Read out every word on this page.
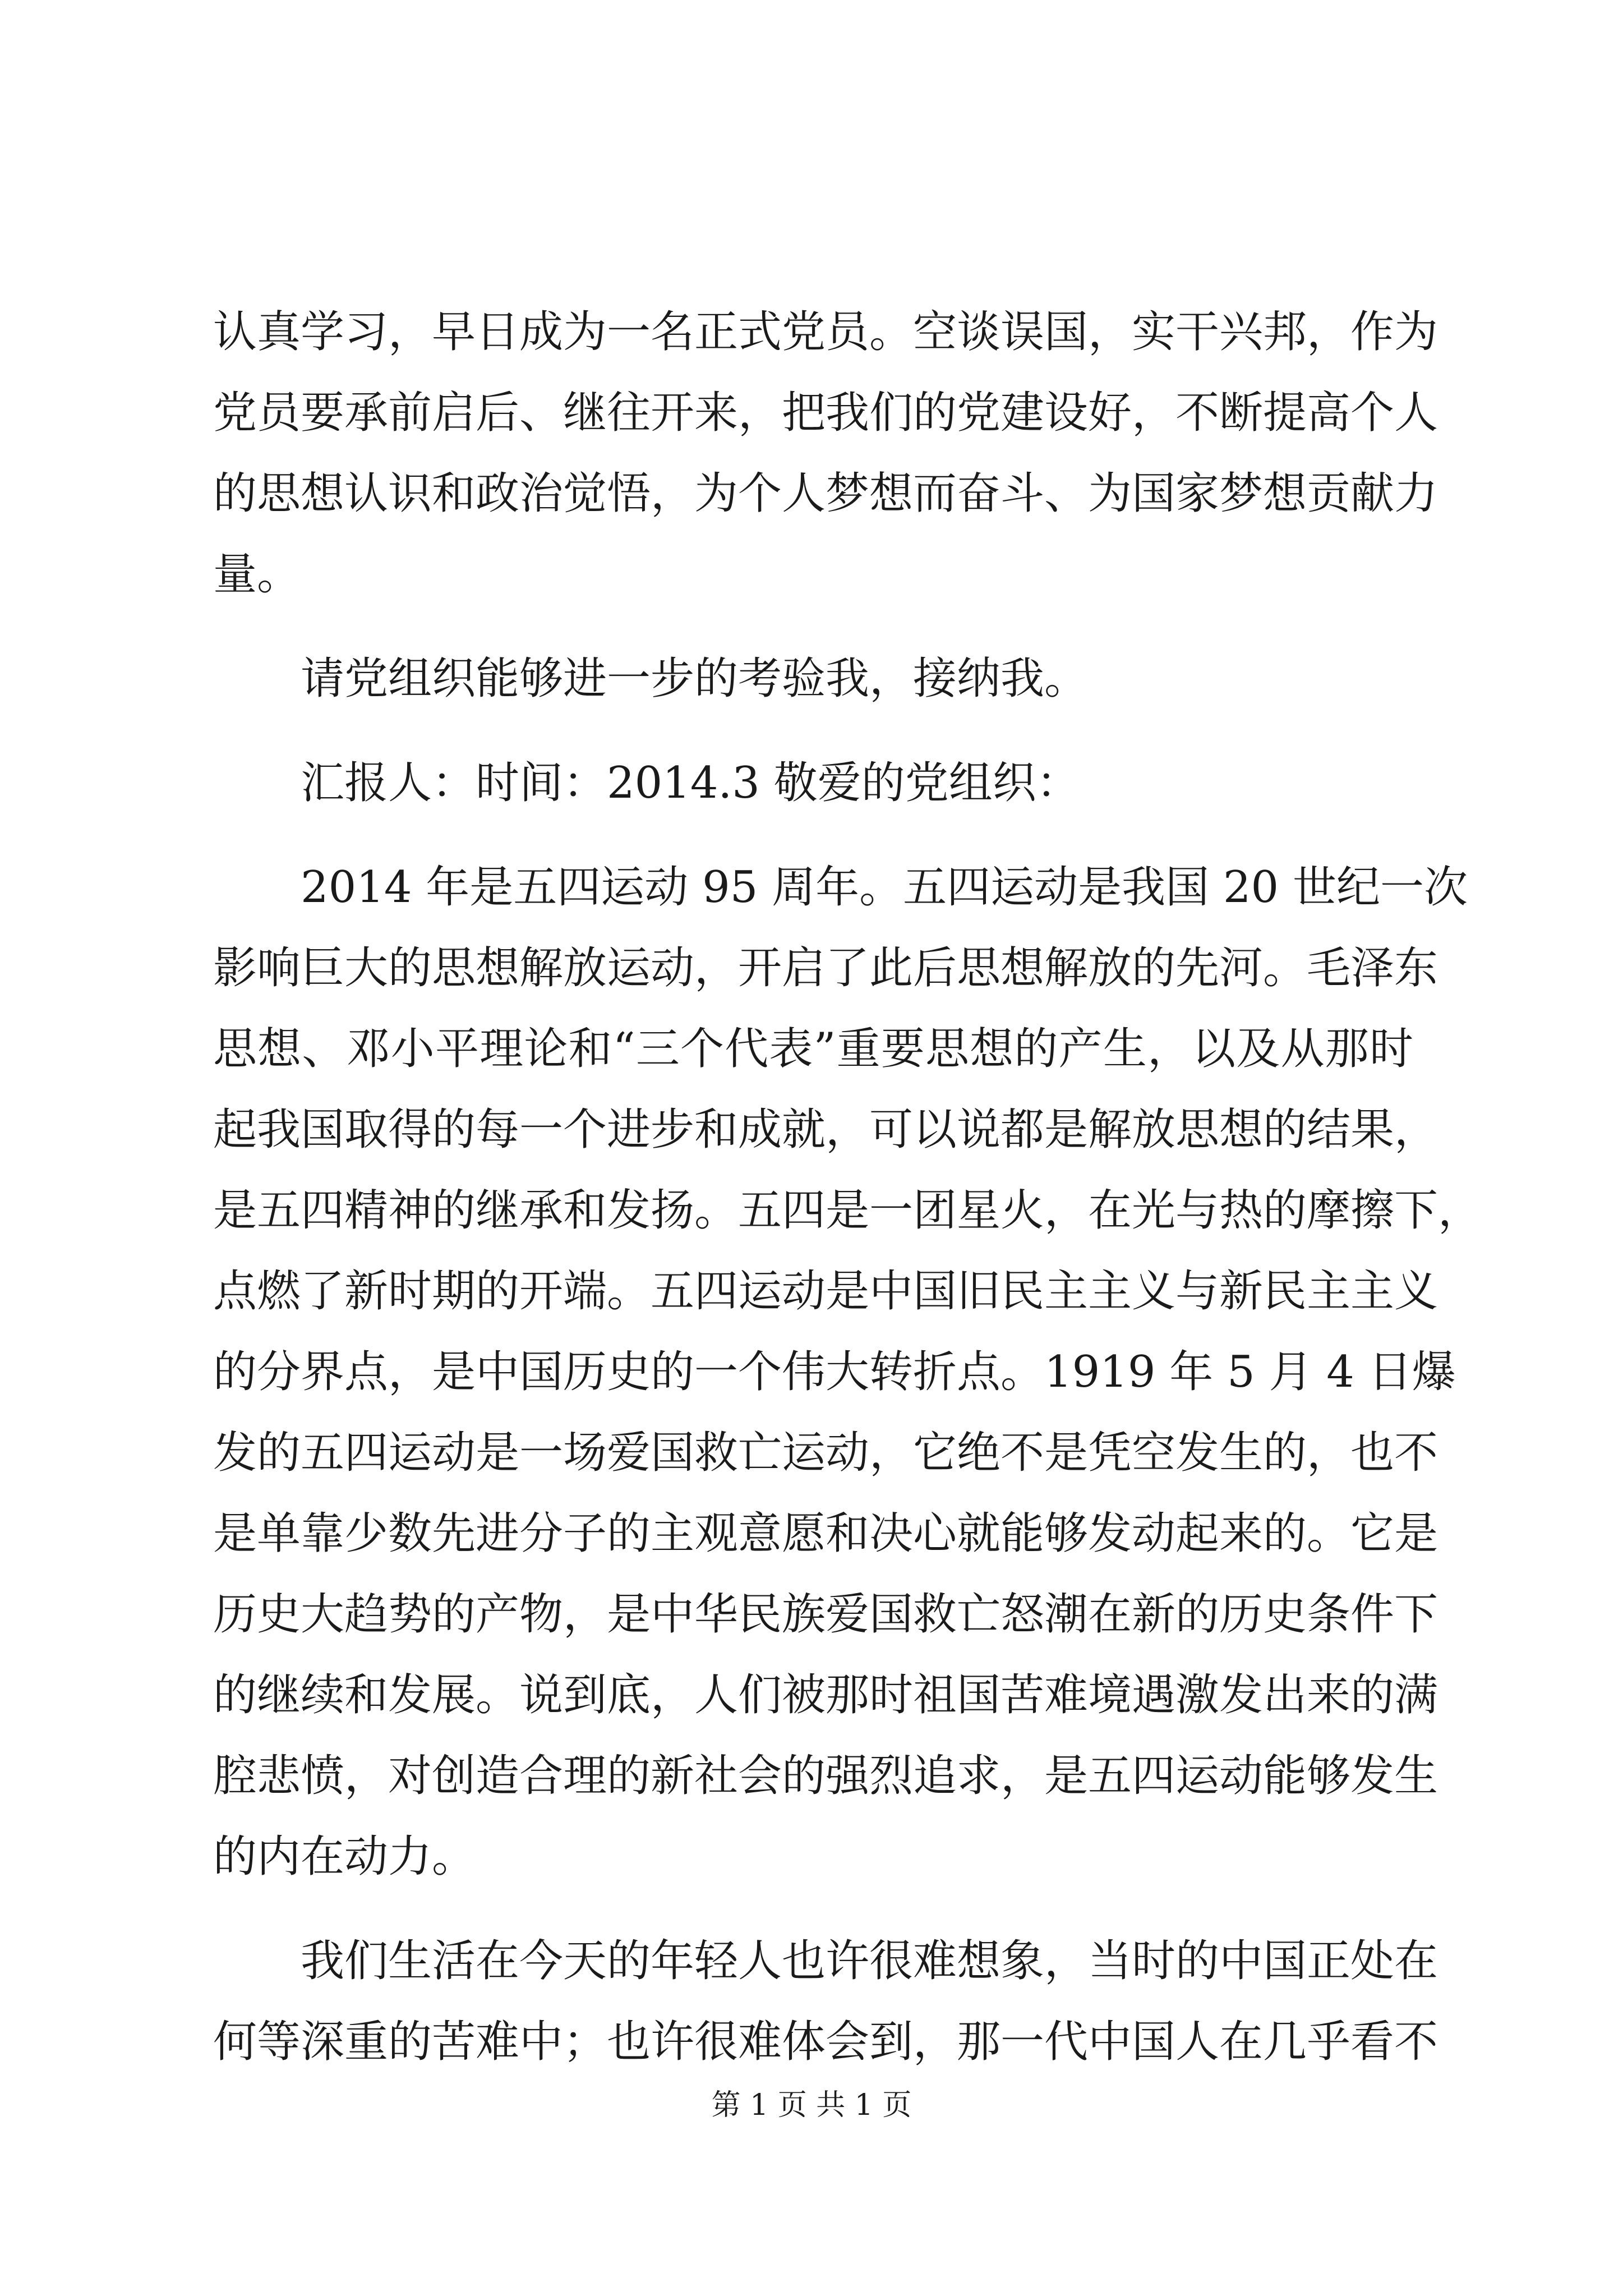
认真学习，早日成为一名正式党员。空谈误国，实干兴邦，作为
党员要承前启后、继往开来，把我们的党建设好，不断提高个人
的思想认识和政治觉悟，为个人梦想而奋斗、为国家梦想贡献力
量。
请党组织能够进一步的考验我，接纳我。
汇报人：时间：2014.3 敬爱的党组织：
2014 年是五四运动 95 周年。五四运动是我国 20 世纪一次
影响巨大的思想解放运动，开启了此后思想解放的先河。毛泽东
思想、邓小平理论和“三个代表”重要思想的产生，以及从那时
起我国取得的每一个进步和成就，可以说都是解放思想的结果，
是五四精神的继承和发扬。五四是一团星火，在光与热的摩擦下，
点燃了新时期的开端。五四运动是中国旧民主主义与新民主主义
的分界点，是中国历史的一个伟大转折点。1919 年 5 月 4 日爆
发的五四运动是一场爱国救亡运动，它绝不是凭空发生的，也不
是单靠少数先进分子的主观意愿和决心就能够发动起来的。它是
历史大趋势的产物，是中华民族爱国救亡怒潮在新的历史条件下
的继续和发展。说到底，人们被那时祖国苦难境遇激发出来的满
腔悲愤，对创造合理的新社会的强烈追求，是五四运动能够发生
的内在动力。
我们生活在今天的年轻人也许很难想象，当时的中国正处在
何等深重的苦难中；也许很难体会到，那一代中国人在几乎看不
第 1 页 共 1 页
